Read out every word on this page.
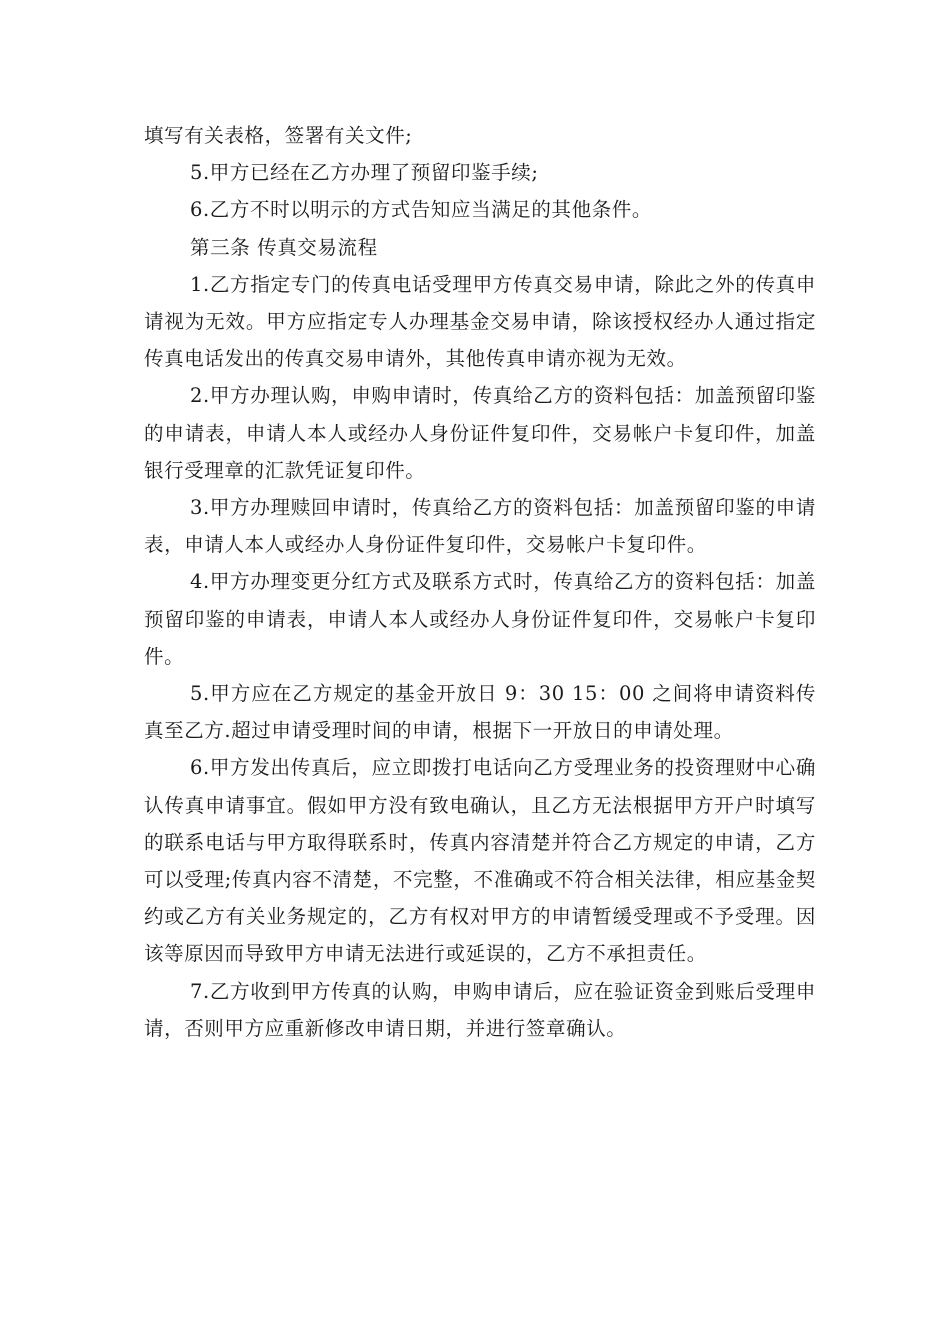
填写有关表格，签署有关文件;

5.甲方已经在乙方办理了预留印鉴手续;

6.乙方不时以明示的方式告知应当满足的其他条件。

第三条 传真交易流程

1.乙方指定专门的传真电话受理甲方传真交易申请，除此之外的传真申请视为无效。甲方应指定专人办理基金交易申请，除该授权经办人通过指定传真电话发出的传真交易申请外，其他传真申请亦视为无效。

2.甲方办理认购，申购申请时，传真给乙方的资料包括：加盖预留印鉴的申请表，申请人本人或经办人身份证件复印件，交易帐户卡复印件，加盖银行受理章的汇款凭证复印件。

3.甲方办理赎回申请时，传真给乙方的资料包括：加盖预留印鉴的申请表，申请人本人或经办人身份证件复印件，交易帐户卡复印件。

4.甲方办理变更分红方式及联系方式时，传真给乙方的资料包括：加盖预留印鉴的申请表，申请人本人或经办人身份证件复印件，交易帐户卡复印件。

5.甲方应在乙方规定的基金开放日 9：30 15：00 之间将申请资料传真至乙方.超过申请受理时间的申请，根据下一开放日的申请处理。

6.甲方发出传真后，应立即拨打电话向乙方受理业务的投资理财中心确认传真申请事宜。假如甲方没有致电确认，且乙方无法根据甲方开户时填写的联系电话与甲方取得联系时，传真内容清楚并符合乙方规定的申请，乙方可以受理;传真内容不清楚，不完整，不准确或不符合相关法律，相应基金契约或乙方有关业务规定的，乙方有权对甲方的申请暂缓受理或不予受理。因该等原因而导致甲方申请无法进行或延误的，乙方不承担责任。

7.乙方收到甲方传真的认购，申购申请后，应在验证资金到账后受理申请，否则甲方应重新修改申请日期，并进行签章确认。
